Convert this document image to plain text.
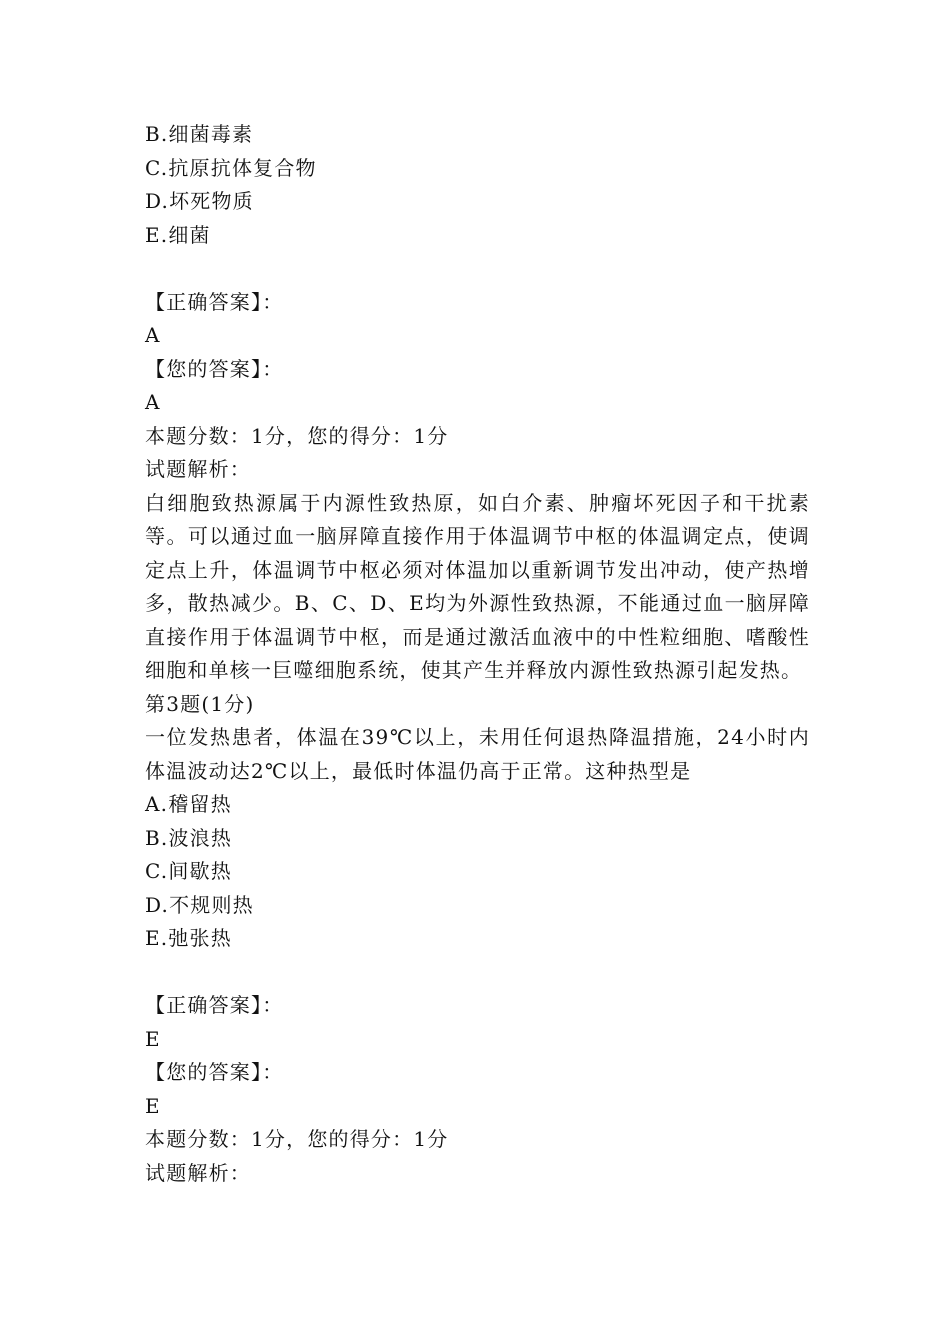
B.细菌毒素
C.抗原抗体复合物
D.坏死物质
E.细菌
【正确答案】：
A
【您的答案】：
A
本题分数：1分，您的得分：1分
试题解析：
白细胞致热源属于内源性致热原，如白介素、肿瘤坏死因子和干扰素等。可以通过血一脑屏障直接作用于体温调节中枢的体温调定点，使调定点上升，体温调节中枢必须对体温加以重新调节发出冲动，使产热增多，散热减少。B、C、D、E均为外源性致热源，不能通过血一脑屏障直接作用于体温调节中枢，而是通过激活血液中的中性粒细胞、嗜酸性细胞和单核一巨噬细胞系统，使其产生并释放内源性致热源引起发热。
第3题(1分)
一位发热患者，体温在39℃以上，未用任何退热降温措施，24小时内体温波动达2℃以上，最低时体温仍高于正常。这种热型是
A.稽留热
B.波浪热
C.间歇热
D.不规则热
E.弛张热
【正确答案】：
E
【您的答案】：
E
本题分数：1分，您的得分：1分
试题解析：
